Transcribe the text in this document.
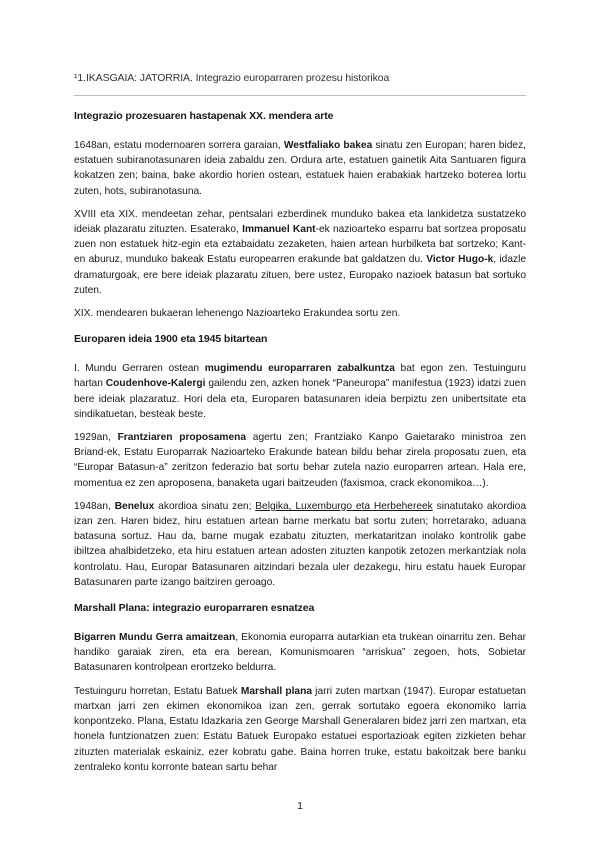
¹1.IKASGAIA: JATORRIA. Integrazio europarraren prozesu historikoa
Integrazio prozesuaren hastapenak XX. mendera arte

1648an, estatu modernoaren sorrera garaian, Westfaliako bakea sinatu zen Europan; haren bidez, estatuen subiranotasunaren ideia zabaldu zen. Ordura arte, estatuen gainetik Aita Santuaren figura kokatzen zen; baina, bake akordio horien ostean, estatuek haien erabakiak hartzeko boterea lortu zuten, hots, subiranotasuna.

XVIII eta XIX. mendeetan zehar, pentsalari ezberdinek munduko bakea eta lankidetza sustatzeko ideiak plazaratu zituzten. Esaterako, Immanuel Kant-ek nazioarteko esparru bat sortzea proposatu zuen non estatuek hitz-egin eta eztabaidatu zezaketen, haien artean hurbilketa bat sortzeko; Kant-en aburuz, munduko bakeak Estatu europearren erakunde bat galdatzen du. Victor Hugo-k, idazle dramaturgoak, ere bere ideiak plazaratu zituen, bere ustez, Europako nazioek batasun bat sortuko zuten.

XIX. mendearen bukaeran lehenengo Nazioarteko Erakundea sortu zen.

Europaren ideia 1900 eta 1945 bitartean

I. Mundu Gerraren ostean mugimendu europarraren zabalkuntza bat egon zen. Testuinguru hartan Coudenhove-Kalergi gailendu zen, azken honek “Paneuropa” manifestua (1923) idatzi zuen bere ideiak plazaratuz. Hori dela eta, Europaren batasunaren ideia berpiztu zen unibertsitate eta sindikatuetan, besteak beste.

1929an, Frantziaren proposamena agertu zen; Frantziako Kanpo Gaietarako ministroa zen Briand-ek, Estatu Europarrak Nazioarteko Erakunde batean bildu behar zirela proposatu zuen, eta “Europar Batasun-a” zeritzon federazio bat sortu behar zutela nazio europarren artean. Hala ere, momentua ez zen aproposena, banaketa ugari baitzeuden (faxismoa, crack ekonomikoa…).

1948an, Benelux akordioa sinatu zen; Belgika, Luxemburgo eta Herbehereek sinatutako akordioa izan zen. Haren bidez, hiru estatuen artean barne merkatu bat sortu zuten; horretarako, aduana batasuna sortuz. Hau da, barne mugak ezabatu zituzten, merkataritzan inolako kontrolik gabe ibiltzea ahalbidetzeko, eta hiru estatuen artean adosten zituzten kanpotik zetozen merkantziak nola kontrolatu. Hau, Europar Batasunaren aitzindari bezala uler dezakegu, hiru estatu hauek Europar Batasunaren parte izango baitziren geroago.

Marshall Plana: integrazio europarraren esnatzea

Bigarren Mundu Gerra amaitzean, Ekonomia europarra autarkian eta trukean oinarritu zen. Behar handiko garaiak ziren, eta era berean, Komunismoaren “arriskua” zegoen, hots, Sobietar Batasunaren kontrolpean erortzeko beldurra.

Testuinguru horretan, Estatu Batuek Marshall plana jarri zuten martxan (1947). Europar estatuetan martxan jarri zen ekimen ekonomikoa izan zen, gerrak sortutako egoera ekonomiko larria konpontzeko. Plana, Estatu Idazkaria zen George Marshall Generalaren bidez jarri zen martxan, eta honela funtzionatzen zuen: Estatu Batuek Europako estatuei esportazioak egiten zizkieten behar zituzten materialak eskainiz, ezer kobratu gabe. Baina horren truke, estatu bakoitzak bere banku zentraleko kontu korronte batean sartu behar

1
